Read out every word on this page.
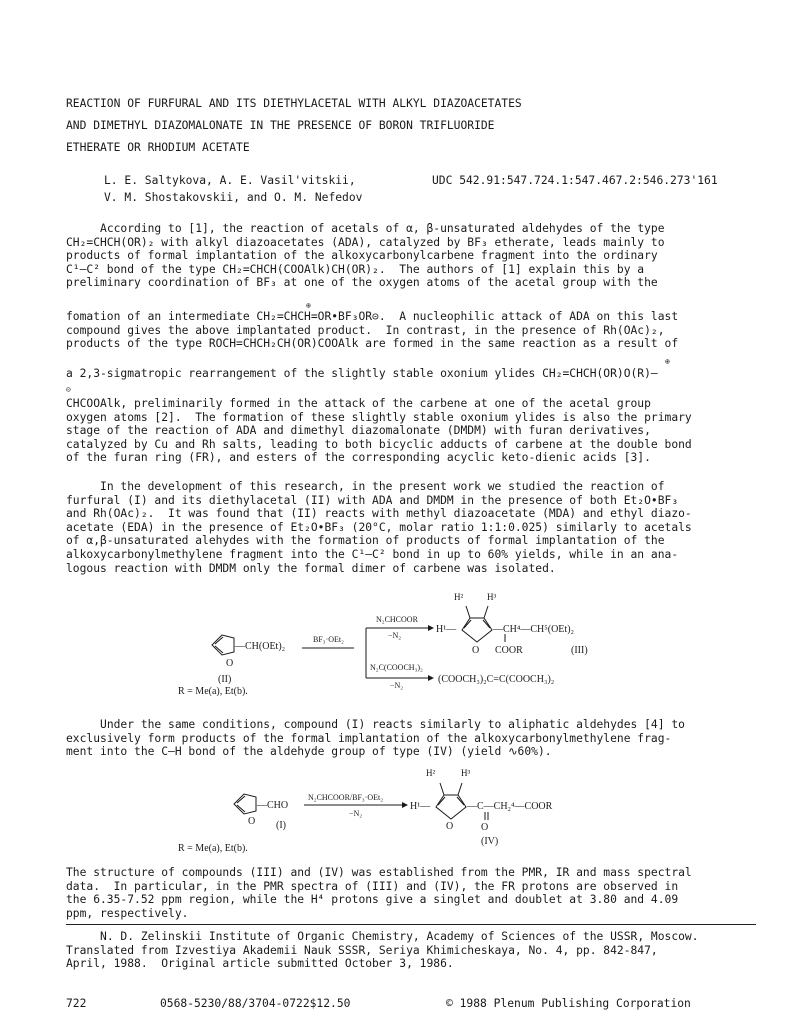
REACTION OF FURFURAL AND ITS DIETHYLACETAL WITH ALKYL DIAZOACETATES

AND DIMETHYL DIAZOMALONATE IN THE PRESENCE OF BORON TRIFLUORIDE

ETHERATE OR RHODIUM ACETATE

L. E. Saltykova, A. E. Vasil'vitskii,

V. M. Shostakovskii, and O. M. Nefedov

UDC 542.91:547.724.1:547.467.2:546.273'161

According to [1], the reaction of acetals of α, β-unsaturated aldehydes of the type
CH₂=CHCH(OR)₂ with alkyl diazoacetates (ADA), catalyzed by BF₃ etherate, leads mainly to
products of formal implantation of the alkoxycarbonylcarbene fragment into the ordinary
C¹—C² bond of the type CH₂=CHCH(COOAlk)CH(OR)₂.  The authors of [1] explain this by a
preliminary coordination of BF₃ at one of the oxygen atoms of the acetal group with the

⊕

fomation of an intermediate CH₂=CHCH=OR•BF₃OR⊝.  A nucleophilic attack of ADA on this last
compound gives the above implantated product.  In contrast, in the presence of Rh(OAc)₂,
products of the type ROCH=CHCH₂CH(OR)COOAlk are formed in the same reaction as a result of

⊕

a 2,3-sigmatropic rearrangement of the slightly stable oxonium ylides CH₂=CHCH(OR)O(R)—

⊝

CHCOOAlk, preliminarily formed in the attack of the carbene at one of the acetal group
oxygen atoms [2].  The formation of these slightly stable oxonium ylides is also the primary
stage of the reaction of ADA and dimethyl diazomalonate (DMDM) with furan derivatives,
catalyzed by Cu and Rh salts, leading to both bicyclic adducts of carbene at the double bond
of the furan ring (FR), and esters of the corresponding acyclic keto-dienic acids [3].

In the development of this research, in the present work we studied the reaction of
furfural (I) and its diethylacetal (II) with ADA and DMDM in the presence of both Et₂O•BF₃
and Rh(OAc)₂.  It was found that (II) reacts with methyl diazoacetate (MDA) and ethyl diazo-
acetate (EDA) in the presence of Et₂O•BF₃ (20°C, molar ratio 1:1:0.025) similarly to acetals
of α,β-unsaturated alehydes with the formation of products of formal implantation of the
alkoxycarbonylmethylene fragment into the C¹—C² bond in up to 60% yields, while in an ana-
logous reaction with DMDM only the formal dimer of carbene was isolated.

O
—CH(OEt)₂
(II)
R = Me(a), Et(b).
BF₃·OEt₂
N₂CHCOOR
−N₂
N₂C(COOCH₃)₂
−N₂
H²	H³
H¹—
O
—CH⁴—CH⁵(OEt)₂
COOR	(III)
(COOCH₃)₂C=C(COOCH₃)₂

Under the same conditions, compound (I) reacts similarly to aliphatic aldehydes [4] to
exclusively form products of the formal implantation of the alkoxycarbonylmethylene frag-
ment into the C—H bond of the aldehyde group of type (IV) (yield ∿60%).

O
—CHO
(I)
N₂CHCOOR/BF₃·OEt₂
−N₂
H²	H³
H¹—
O
—C—CH₂⁴—COOR
O
(IV)
R = Me(a), Et(b).

The structure of compounds (III) and (IV) was established from the PMR, IR and mass spectral
data.  In particular, in the PMR spectra of (III) and (IV), the FR protons are observed in
the 6.35-7.52 ppm region, while the H⁴ protons give a singlet and doublet at 3.80 and 4.09
ppm, respectively.

N. D. Zelinskii Institute of Organic Chemistry, Academy of Sciences of the USSR, Moscow.
Translated from Izvestiya Akademii Nauk SSSR, Seriya Khimicheskaya, No. 4, pp. 842-847,
April, 1988.  Original article submitted October 3, 1986.

722	0568-5230/88/3704-0722$12.50	© 1988 Plenum Publishing Corporation
